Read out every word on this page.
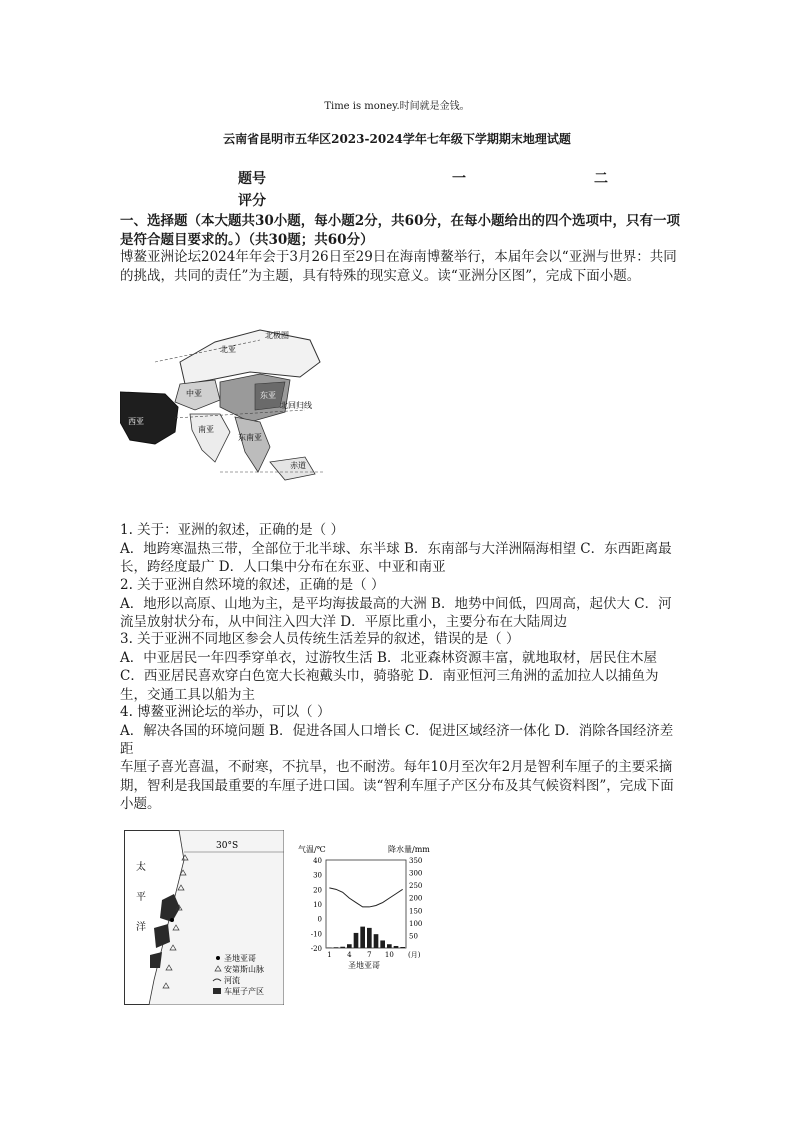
Time is money.时间就是金钱。
云南省昆明市五华区2023-2024学年七年级下学期期末地理试题
题号	一	二
评分
一、选择题（本大题共30小题，每小题2分，共60分，在每小题给出的四个选项中，只有一项是符合题目要求的。）（共30题；共60分）
博鳌亚洲论坛2024年年会于3月26日至29日在海南博鳌举行，本届年会以“亚洲与世界：共同的挑战，共同的责任”为主题，具有特殊的现实意义。读“亚洲分区图”，完成下面小题。
北亚
中亚	东亚
西亚
南亚
东南亚
北回归线
北极圈
赤道
1. 关于：亚洲的叙述，正确的是（ ）
A．地跨寒温热三带，全部位于北半球、东半球 B．东南部与大洋洲隔海相望 C．东西距离最长，跨经度最广 D．人口集中分布在东亚、中亚和南亚
2. 关于亚洲自然环境的叙述，正确的是（ ）
A．地形以高原、山地为主，是平均海拔最高的大洲 B．地势中间低，四周高，起伏大 C．河流呈放射状分布，从中间注入四大洋 D．平原比重小，主要分布在大陆周边
3. 关于亚洲不同地区参会人员传统生活差异的叙述，错误的是（ ）
A．中亚居民一年四季穿单衣，过游牧生活 B．北亚森林资源丰富，就地取材，居民住木屋 C．西亚居民喜欢穿白色宽大长袍戴头巾，骑骆驼 D．南亚恒河三角洲的孟加拉人以捕鱼为生，交通工具以船为主
4. 博鳌亚洲论坛的举办，可以（ ）
A．解决各国的环境问题 B．促进各国人口增长 C．促进区域经济一体化 D．消除各国经济差距
车厘子喜光喜温，不耐寒，不抗旱，也不耐涝。每年10月至次年2月是智利车厘子的主要采摘期，智利是我国最重要的车厘子进口国。读“智利车厘子产区分布及其气候资料图”，完成下面小题。
30°S
太
平
洋
圣地亚哥
安第斯山脉
河流
车厘子产区
气温/℃	降水量/mm
40
30
20
10
0
-10
-20
350
300
250
200
150
100
50
1 4 7 10 (月)
圣地亚哥
